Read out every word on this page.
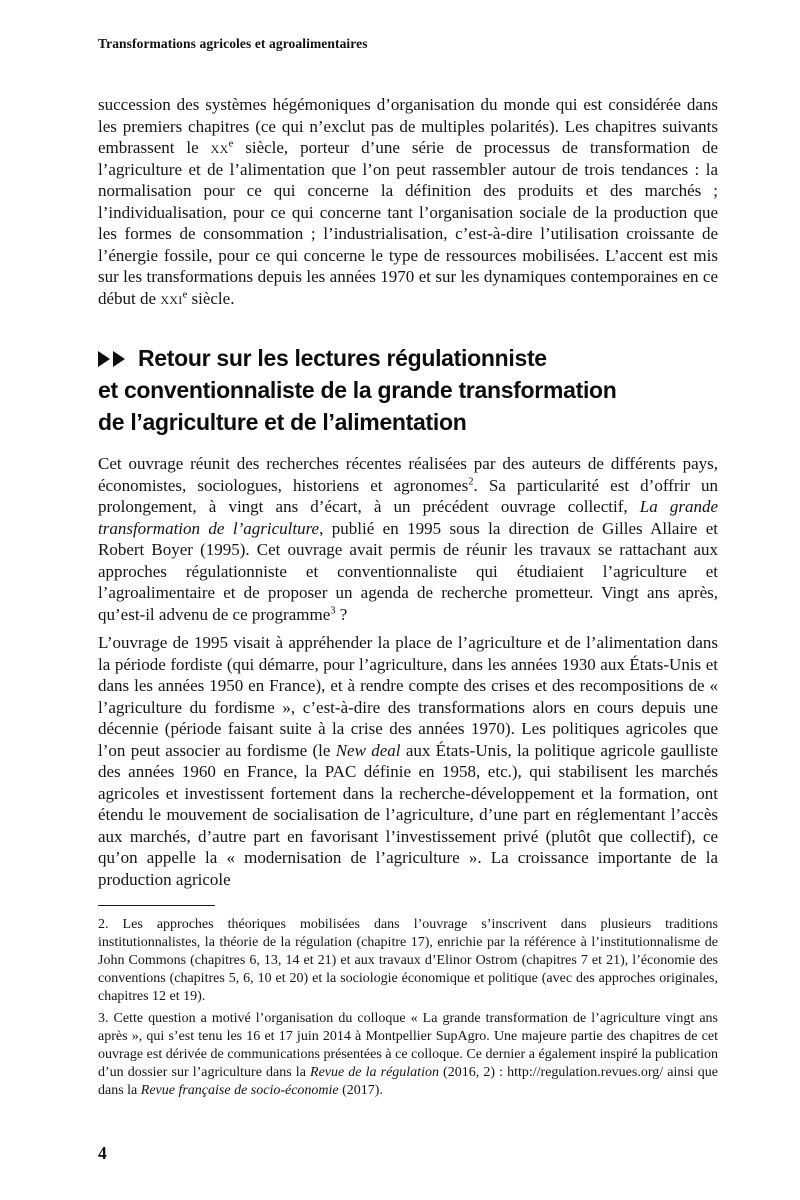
Transformations agricoles et agroalimentaires

succession des systèmes hégémoniques d’organisation du monde qui est considérée dans les premiers chapitres (ce qui n’exclut pas de multiples polarités). Les chapitres suivants embrassent le $xx^e$ siècle, porteur d’une série de processus de transformation de l’agriculture et de l’alimentation que l’on peut rassembler autour de trois tendances : la normalisation pour ce qui concerne la définition des produits et des marchés ; l’individualisation, pour ce qui concerne tant l’organisation sociale de la production que les formes de consommation ; l’industrialisation, c’est-à-dire l’utilisation croissante de l’énergie fossile, pour ce qui concerne le type de ressources mobilisées. L’accent est mis sur les transformations depuis les années 1970 et sur les dynamiques contemporaines en ce début de xxi$^e$ siècle.

Retour sur les lectures régulationniste
et conventionnaliste de la grande transformation
de l’agriculture et de l’alimentation

Cet ouvrage réunit des recherches récentes réalisées par des auteurs de différents pays, économistes, sociologues, historiens et agronomes$^2$. Sa particularité est d’offrir un prolongement, à vingt ans d’écart, à un précédent ouvrage collectif, La grande transformation de l’agriculture, publié en 1995 sous la direction de Gilles Allaire et Robert Boyer (1995). Cet ouvrage avait permis de réunir les travaux se rattachant aux approches régulationniste et conventionnaliste qui étudiaient l’agriculture et l’agroalimentaire et de proposer un agenda de recherche prometteur. Vingt ans après, qu’est-il advenu de ce programme$^3$ ?

L’ouvrage de 1995 visait à appréhender la place de l’agriculture et de l’alimentation dans la période fordiste (qui démarre, pour l’agriculture, dans les années 1930 aux États-Unis et dans les années 1950 en France), et à rendre compte des crises et des recompositions de « l’agriculture du fordisme », c’est-à-dire des transformations alors en cours depuis une décennie (période faisant suite à la crise des années 1970). Les politiques agricoles que l’on peut associer au fordisme (le New deal aux États-Unis, la politique agricole gaulliste des années 1960 en France, la PAC définie en 1958, etc.), qui stabilisent les marchés agricoles et investissent fortement dans la recherche-développement et la formation, ont étendu le mouvement de socialisation de l’agriculture, d’une part en réglementant l’accès aux marchés, d’autre part en favorisant l’investissement privé (plutôt que collectif), ce qu’on appelle la « modernisation de l’agriculture ». La croissance importante de la production agricole

2. Les approches théoriques mobilisées dans l’ouvrage s’inscrivent dans plusieurs traditions institutionnalistes, la théorie de la régulation (chapitre 17), enrichie par la référence à l’institutionnalisme de John Commons (chapitres 6, 13, 14 et 21) et aux travaux d’Elinor Ostrom (chapitres 7 et 21), l’économie des conventions (chapitres 5, 6, 10 et 20) et la sociologie économique et politique (avec des approches originales, chapitres 12 et 19).

3. Cette question a motivé l’organisation du colloque « La grande transformation de l’agriculture vingt ans après », qui s’est tenu les 16 et 17 juin 2014 à Montpellier SupAgro. Une majeure partie des chapitres de cet ouvrage est dérivée de communications présentées à ce colloque. Ce dernier a également inspiré la publication d’un dossier sur l’agriculture dans la Revue de la régulation (2016, 2) : http://regulation.revues.org/ ainsi que dans la Revue française de socio-économie (2017).

4
